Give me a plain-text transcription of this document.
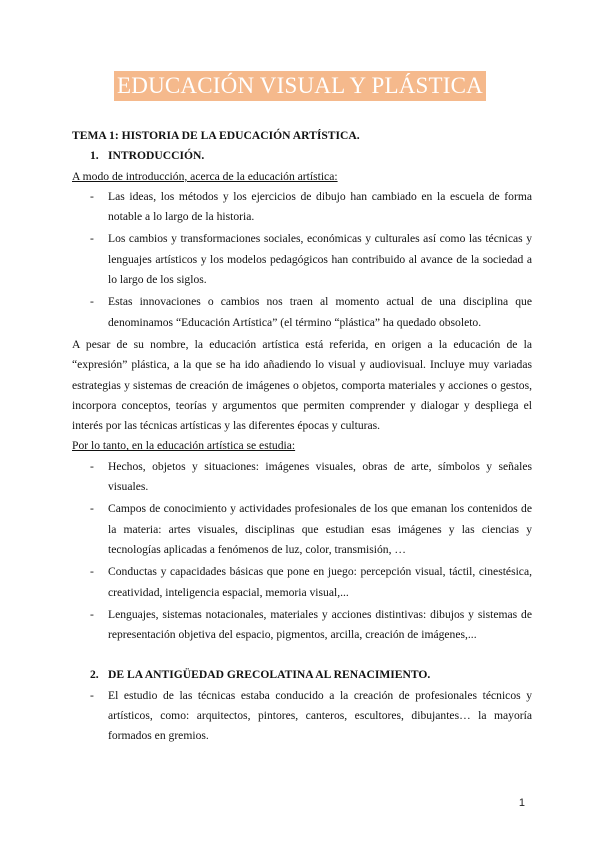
EDUCACIÓN VISUAL Y PLÁSTICA

TEMA 1: HISTORIA DE LA EDUCACIÓN ARTÍSTICA.

1. INTRODUCCIÓN.

A modo de introducción, acerca de la educación artística:

- Las ideas, los métodos y los ejercicios de dibujo han cambiado en la escuela de forma notable a lo largo de la historia.
- Los cambios y transformaciones sociales, económicas y culturales así como las técnicas y lenguajes artísticos y los modelos pedagógicos han contribuido al avance de la sociedad a lo largo de los siglos.
- Estas innovaciones o cambios nos traen al momento actual de una disciplina que denominamos “Educación Artística” (el término “plástica” ha quedado obsoleto.

A pesar de su nombre, la educación artística está referida, en origen a la educación de la “expresión” plástica, a la que se ha ido añadiendo lo visual y audiovisual. Incluye muy variadas estrategias y sistemas de creación de imágenes o objetos, comporta materiales y acciones o gestos, incorpora conceptos, teorías y argumentos que permiten comprender y dialogar y despliega el interés por las técnicas artísticas y las diferentes épocas y culturas.

Por lo tanto, en la educación artística se estudia:

- Hechos, objetos y situaciones: imágenes visuales, obras de arte, símbolos y señales visuales.
- Campos de conocimiento y actividades profesionales de los que emanan los contenidos de la materia: artes visuales, disciplinas que estudian esas imágenes y las ciencias y tecnologías aplicadas a fenómenos de luz, color, transmisión, …
- Conductas y capacidades básicas que pone en juego: percepción visual, táctil, cinestésica, creatividad, inteligencia espacial, memoria visual,...
- Lenguajes, sistemas notacionales, materiales y acciones distintivas: dibujos y sistemas de representación objetiva del espacio, pigmentos, arcilla, creación de imágenes,...
2. DE LA ANTIGÜEDAD GRECOLATINA AL RENACIMIENTO.
- El estudio de las técnicas estaba conducido a la creación de profesionales técnicos y artísticos, como: arquitectos, pintores, canteros, escultores, dibujantes… la mayoría formados en gremios.
1
